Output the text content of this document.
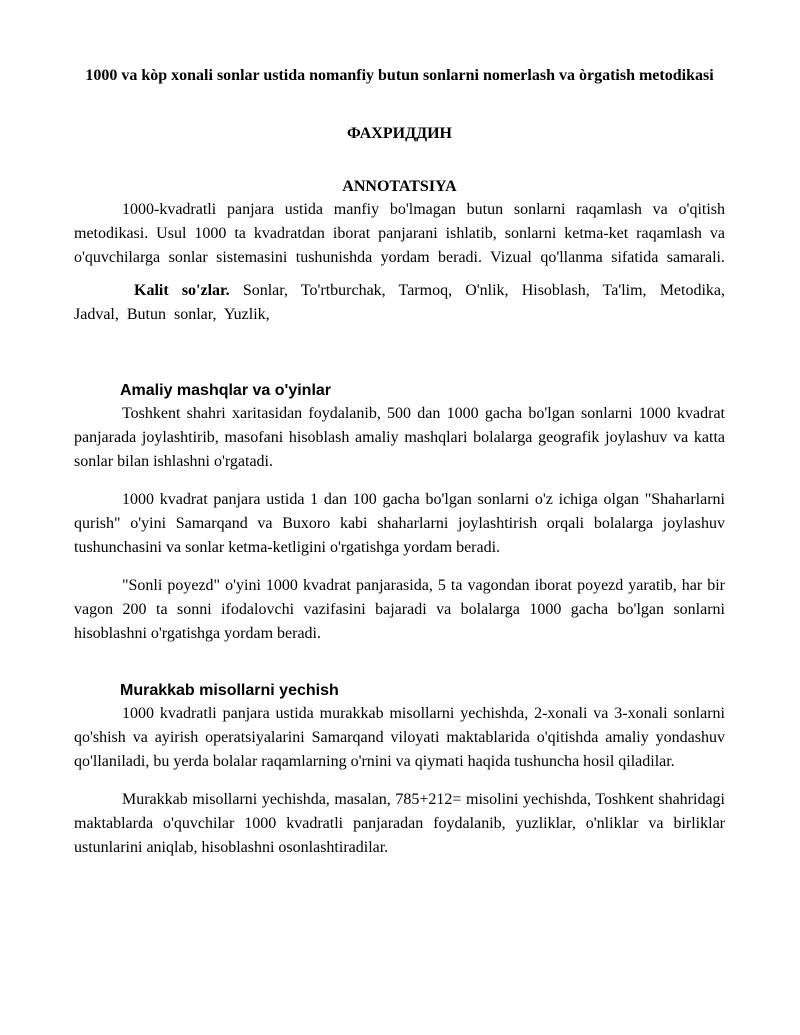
1000 va kòp xonali sonlar ustida nomanfiy butun sonlarni nomerlash va òrgatish metodikasi
ФАХРИДДИН
ANNOTATSIYA

1000-kvadratli panjara ustida manfiy bo'lmagan butun sonlarni raqamlash va o'qitish metodikasi. Usul 1000 ta kvadratdan iborat panjarani ishlatib, sonlarni ketma-ket raqamlash va o'quvchilarga sonlar sistemasini tushunishda yordam beradi. Vizual qo'llanma sifatida samarali.

Kalit so'zlar. Sonlar, To'rtburchak, Tarmoq, O'nlik, Hisoblash, Ta'lim, Metodika, Jadval, Butun sonlar, Yuzlik,

Amaliy mashqlar va o'yinlar

Toshkent shahri xaritasidan foydalanib, 500 dan 1000 gacha bo'lgan sonlarni 1000 kvadrat panjarada joylashtirib, masofani hisoblash amaliy mashqlari bolalarga geografik joylashuv va katta sonlar bilan ishlashni o'rgatadi.

1000 kvadrat panjara ustida 1 dan 100 gacha bo'lgan sonlarni o'z ichiga olgan "Shaharlarni qurish" o'yini Samarqand va Buxoro kabi shaharlarni joylashtirish orqali bolalarga joylashuv tushunchasini va sonlar ketma-ketligini o'rgatishga yordam beradi.

"Sonli poyezd" o'yini 1000 kvadrat panjarasida, 5 ta vagondan iborat poyezd yaratib, har bir vagon 200 ta sonni ifodalovchi vazifasini bajaradi va bolalarga 1000 gacha bo'lgan sonlarni hisoblashni o'rgatishga yordam beradi.

Murakkab misollarni yechish

1000 kvadratli panjara ustida murakkab misollarni yechishda, 2-xonali va 3-xonali sonlarni qo'shish va ayirish operatsiyalarini Samarqand viloyati maktablarida o'qitishda amaliy yondashuv qo'llaniladi, bu yerda bolalar raqamlarning o'rnini va qiymati haqida tushuncha hosil qiladilar.

Murakkab misollarni yechishda, masalan, 785+212= misolini yechishda, Toshkent shahridagi maktablarda o'quvchilar 1000 kvadratli panjaradan foydalanib, yuzliklar, o'nliklar va birliklar ustunlarini aniqlab, hisoblashni osonlashtiradilar.
